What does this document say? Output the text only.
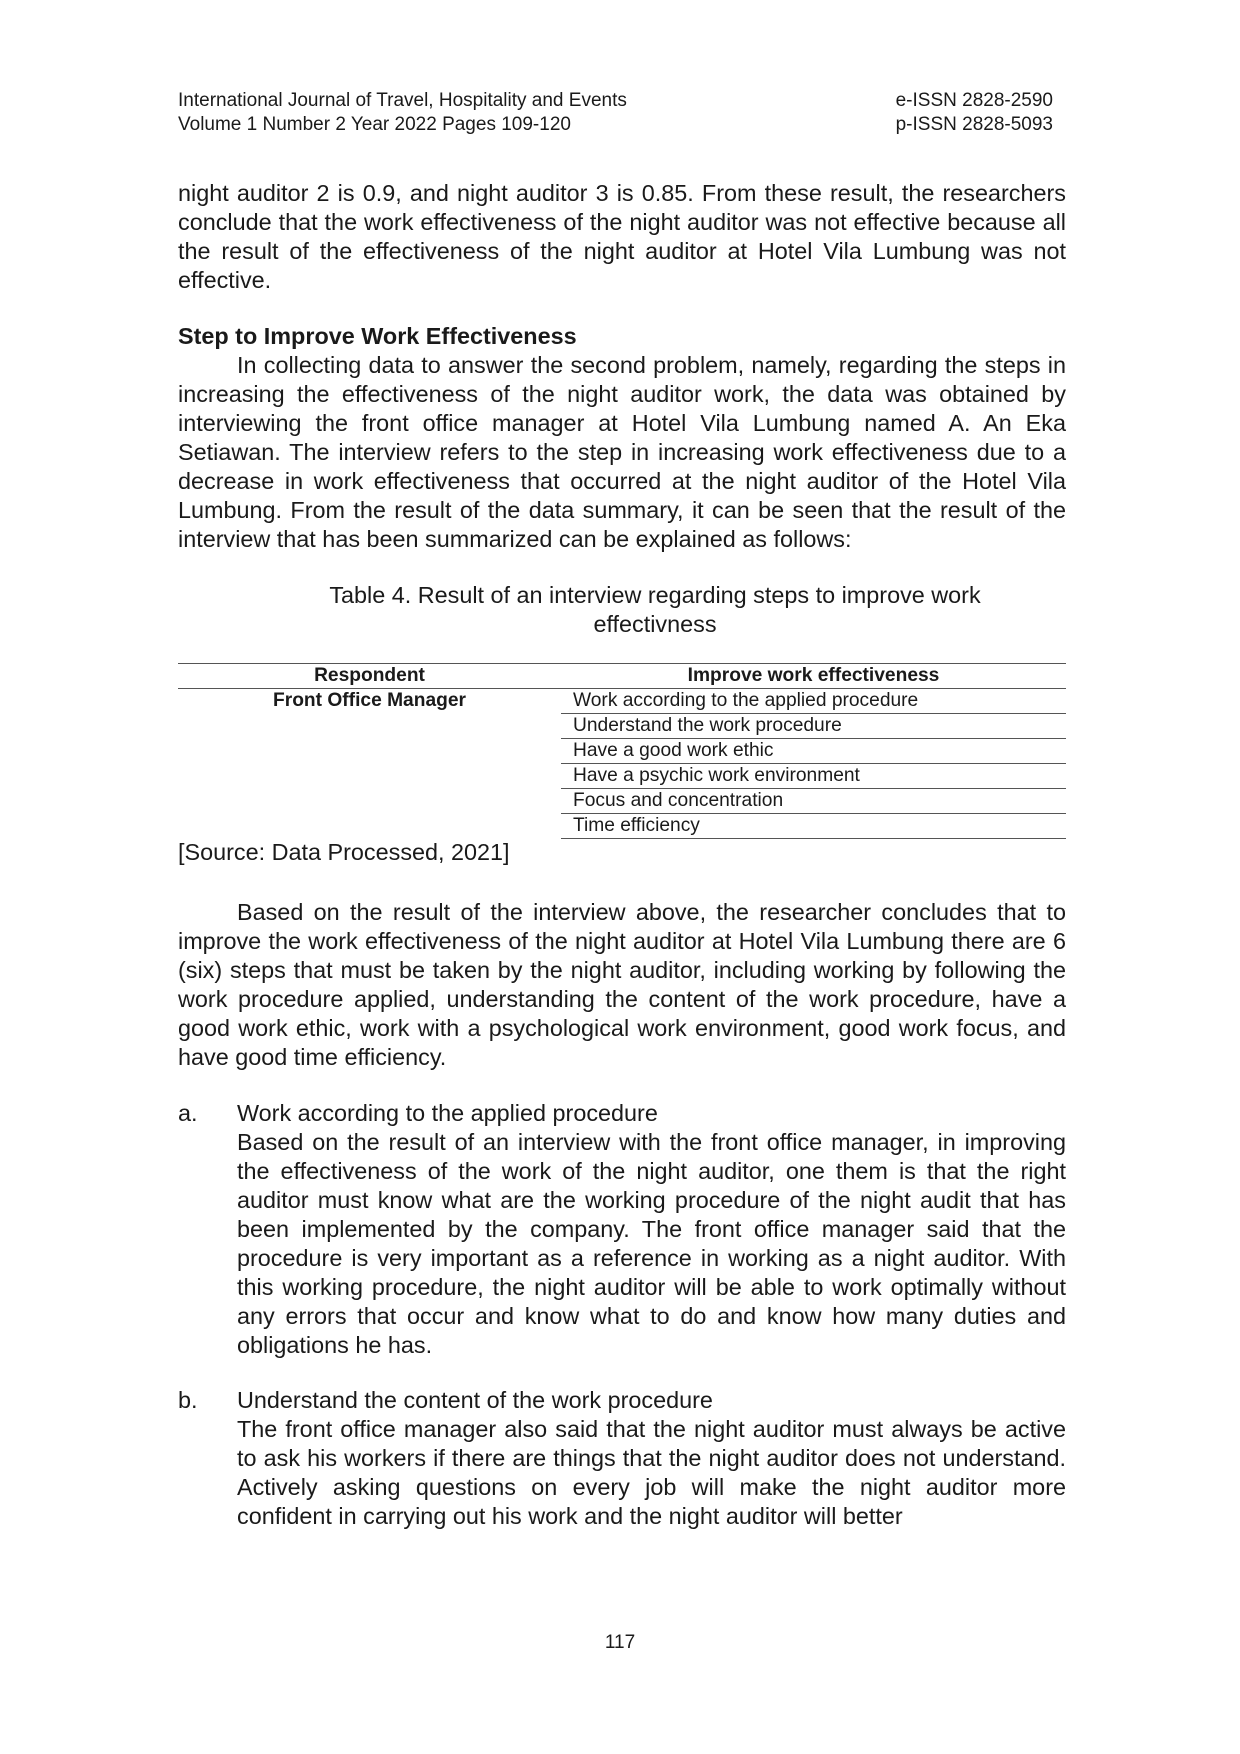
International Journal of Travel, Hospitality and Events
Volume 1 Number 2 Year 2022 Pages 109-120
e-ISSN 2828-2590
p-ISSN 2828-5093

night auditor 2 is 0.9, and night auditor 3 is 0.85. From these result, the researchers conclude that the work effectiveness of the night auditor was not effective because all the result of the effectiveness of the night auditor at Hotel Vila Lumbung was not effective.

Step to Improve Work Effectiveness

In collecting data to answer the second problem, namely, regarding the steps in increasing the effectiveness of the night auditor work, the data was obtained by interviewing the front office manager at Hotel Vila Lumbung named A. An Eka Setiawan. The interview refers to the step in increasing work effectiveness due to a decrease in work effectiveness that occurred at the night auditor of the Hotel Vila Lumbung. From the result of the data summary, it can be seen that the result of the interview that has been summarized can be explained as follows:

Table 4. Result of an interview regarding steps to improve work effectivness

Respondent	Improve work effectiveness
Front Office Manager	Work according to the applied procedure
	Understand the work procedure
	Have a good work ethic
	Have a psychic work environment
	Focus and concentration
	Time efficiency

[Source: Data Processed, 2021]

Based on the result of the interview above, the researcher concludes that to improve the work effectiveness of the night auditor at Hotel Vila Lumbung there are 6 (six) steps that must be taken by the night auditor, including working by following the work procedure applied, understanding the content of the work procedure, have a good work ethic, work with a psychological work environment, good work focus, and have good time efficiency.

a. Work according to the applied procedure

Based on the result of an interview with the front office manager, in improving the effectiveness of the work of the night auditor, one them is that the right auditor must know what are the working procedure of the night audit that has been implemented by the company. The front office manager said that the procedure is very important as a reference in working as a night auditor. With this working procedure, the night auditor will be able to work optimally without any errors that occur and know what to do and know how many duties and obligations he has.

b. Understand the content of the work procedure

The front office manager also said that the night auditor must always be active to ask his workers if there are things that the night auditor does not understand. Actively asking questions on every job will make the night auditor more confident in carrying out his work and the night auditor will better

117
